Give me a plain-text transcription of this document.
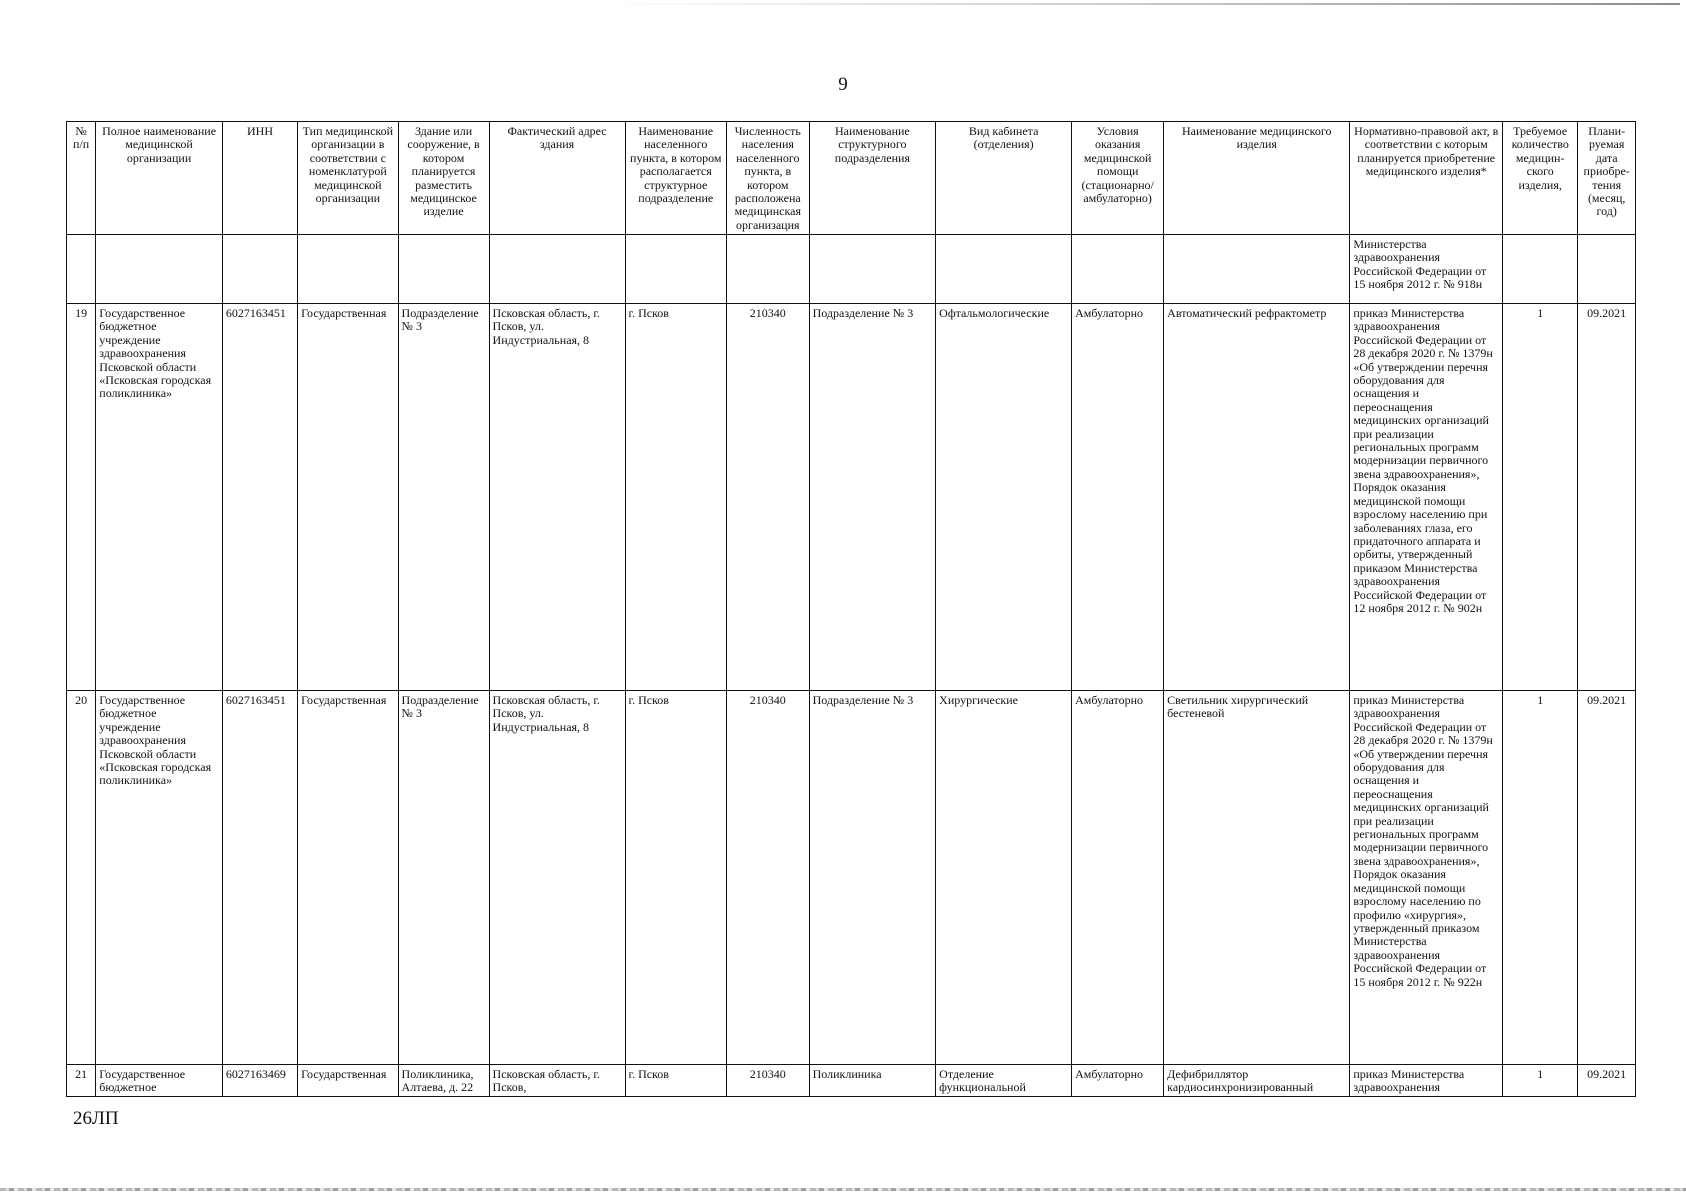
9
№ п/п	Полное наименование медицинской организации	ИНН	Тип медицинской организации в соответствии с номенклатурой медицинской организации	Здание или сооружение, в котором планируется разместить медицинское изделие	Фактический адрес здания	Наименование населенного пункта, в котором располагается структурное подразделение	Численность населения населенного пункта, в котором расположена медицинская организация	Наименование структурного подразделения	Вид кабинета (отделения)	Условия оказания медицинской помощи (стационарно/ амбулаторно)	Наименование медицинского изделия	Нормативно-правовой акт, в соответствии с которым планируется приобретение медицинского изделия*	Требуемое количество медицин-ского изделия,	Плани-руемая дата приобре-тения (месяц, год)
												Министерства здравоохранения Российской Федерации от 15 ноября 2012 г. № 918н		
19	Государственное бюджетное учреждение здравоохранения Псковской области «Псковская городская поликлиника»	6027163451	Государственная	Подразделение № 3	Псковская область, г. Псков, ул. Индустриальная, 8	г. Псков	210340	Подразделение № 3	Офтальмологические	Амбулаторно	Автоматический рефрактометр	приказ Министерства здравоохранения Российской Федерации от 28 декабря 2020 г. № 1379н «Об утверждении перечня оборудования для оснащения и переоснащения медицинских организаций при реализации региональных программ модернизации первичного звена здравоохранения», Порядок оказания медицинской помощи взрослому населению при заболеваниях глаза, его придаточного аппарата и орбиты, утвержденный приказом Министерства здравоохранения Российской Федерации от 12 ноября 2012 г. № 902н	1	09.2021
20	Государственное бюджетное учреждение здравоохранения Псковской области «Псковская городская поликлиника»	6027163451	Государственная	Подразделение № 3	Псковская область, г. Псков, ул. Индустриальная, 8	г. Псков	210340	Подразделение № 3	Хирургические	Амбулаторно	Светильник хирургический бестеневой	приказ Министерства здравоохранения Российской Федерации от 28 декабря 2020 г. № 1379н «Об утверждении перечня оборудования для оснащения и переоснащения медицинских организаций при реализации региональных программ модернизации первичного звена здравоохранения», Порядок оказания медицинской помощи взрослому населению по профилю «хирургия», утвержденный приказом Министерства здравоохранения Российской Федерации от 15 ноября 2012 г. № 922н	1	09.2021
21	Государственное бюджетное	6027163469	Государственная	Поликлиника, Алтаева, д. 22	Псковская область, г. Псков,	г. Псков	210340	Поликлиника	Отделение функциональной	Амбулаторно	Дефибриллятор кардиосинхронизированный	приказ Министерства здравоохранения	1	09.2021
26ЛП
